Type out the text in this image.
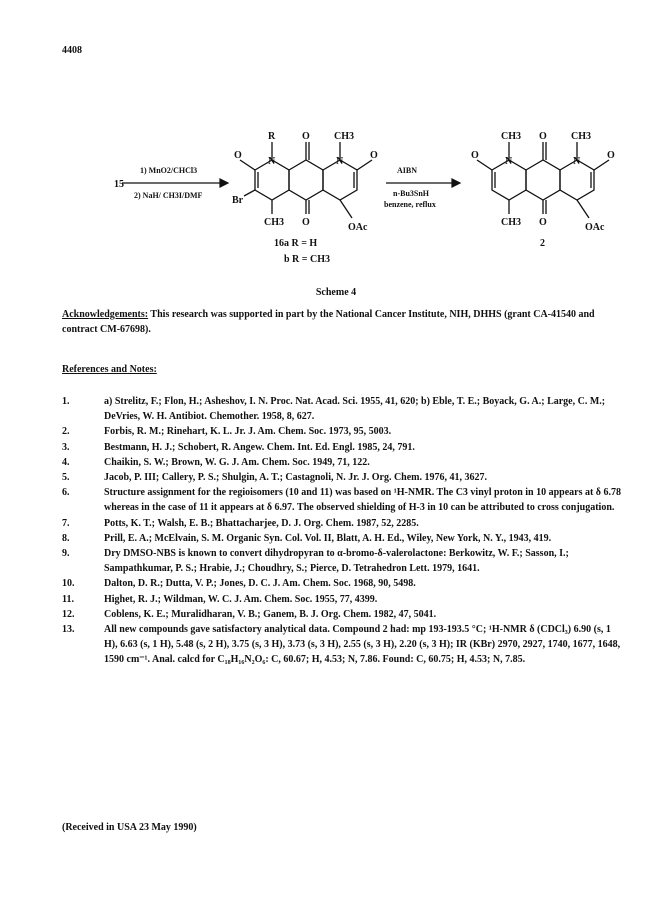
4408
15
1) MnO2/CHCl3
2) NaH/ CH3I/DMF
AIBN
n-Bu3SnH
benzene, reflux
R	O CH3
O
N	N
O
Br
CH3 O	OAc
16a R = H
b R = CH3
CH3 O CH3
O
N	N
O
CH3 O	OAc
2
Scheme 4
Acknowledgements: This research was supported in part by the National Cancer Institute, NIH, DHHS (grant CA-41540 and contract CM-67698).
References and Notes:
1.	a) Strelitz, F.; Flon, H.; Asheshov, I. N. Proc. Nat. Acad. Sci. 1955, 41, 620; b) Eble, T. E.; Boyack, G. A.; Large, C. M.; DeVries, W. H. Antibiot. Chemother. 1958, 8, 627.
2.	Forbis, R. M.; Rinehart, K. L. Jr. J. Am. Chem. Soc. 1973, 95, 5003.
3.	Bestmann, H. J.; Schobert, R. Angew. Chem. Int. Ed. Engl. 1985, 24, 791.
4.	Chaikin, S. W.; Brown, W. G. J. Am. Chem. Soc. 1949, 71, 122.
5.	Jacob, P. III; Callery, P. S.; Shulgin, A. T.; Castagnoli, N. Jr. J. Org. Chem. 1976, 41, 3627.
6.	Structure assignment for the regioisomers (10 and 11) was based on ¹H-NMR. The C3 vinyl proton in 10 appears at δ 6.78 whereas in the case of 11 it appears at δ 6.97. The observed shielding of H-3 in 10 can be attributed to cross conjugation.
7.	Potts, K. T.; Walsh, E. B.; Bhattacharjee, D. J. Org. Chem. 1987, 52, 2285.
8.	Prill, E. A.; McElvain, S. M. Organic Syn. Col. Vol. II, Blatt, A. H. Ed., Wiley, New York, N. Y., 1943, 419.
9.	Dry DMSO-NBS is known to convert dihydropyran to α-bromo-δ-valerolactone: Berkowitz, W. F.; Sasson, I.; Sampathkumar, P. S.; Hrabie, J.; Choudhry, S.; Pierce, D. Tetrahedron Lett. 1979, 1641.
10.	Dalton, D. R.; Dutta, V. P.; Jones, D. C. J. Am. Chem. Soc. 1968, 90, 5498.
11.	Highet, R. J.; Wildman, W. C. J. Am. Chem. Soc. 1955, 77, 4399.
12.	Coblens, K. E.; Muralidharan, V. B.; Ganem, B. J. Org. Chem. 1982, 47, 5041.
13.	All new compounds gave satisfactory analytical data. Compound 2 had: mp 193-193.5 °C; ¹H-NMR δ (CDCl₃) 6.90 (s, 1 H), 6.63 (s, 1 H), 5.48 (s, 2 H), 3.75 (s, 3 H), 3.73 (s, 3 H), 2.55 (s, 3 H), 2.20 (s, 3 H); IR (KBr) 2970, 2927, 1740, 1677, 1648, 1590 cm⁻¹. Anal. calcd for C₁₈H₁₆N₂O₆: C, 60.67; H, 4.53; N, 7.86. Found: C, 60.75; H, 4.53; N, 7.85.
(Received in USA 23 May 1990)
